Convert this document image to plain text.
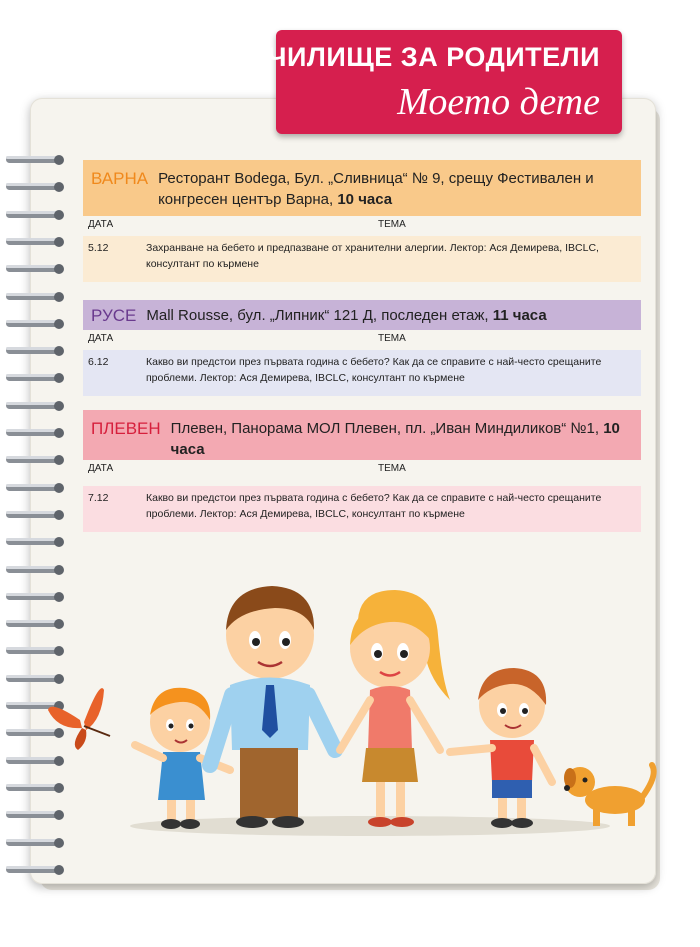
УЧИЛИЩЕ ЗА РОДИТЕЛИ
Моето дете
ВАРНА Ресторант Bodega, Бул. „Сливница“ № 9, срещу Фестивален и конгресен център Варна, 10 часа
ДАТА	ТЕМА
5.12	Захранване на бебето и предпазване от хранителни алергии. Лектор: Ася Демирева, IBCLC, консултант по кърмене
РУСЕ Mall Rousse, бул. „Липник“ 121 Д, последен етаж, 11 часа
ДАТА	ТЕМА
6.12	Какво ви предстои през първата година с бебето? Как да се справите с най-често срещаните проблеми. Лектор: Ася Демирева, IBCLC, консултант по кърмене
ПЛЕВЕН Плевен, Панорама МОЛ Плевен, пл. „Иван Миндиликов“ №1, 10 часа
ДАТА	ТЕМА
7.12	Какво ви предстои през първата година с бебето? Как да се справите с най-често срещаните проблеми. Лектор: Ася Демирева, IBCLC, консултант по кърмене
